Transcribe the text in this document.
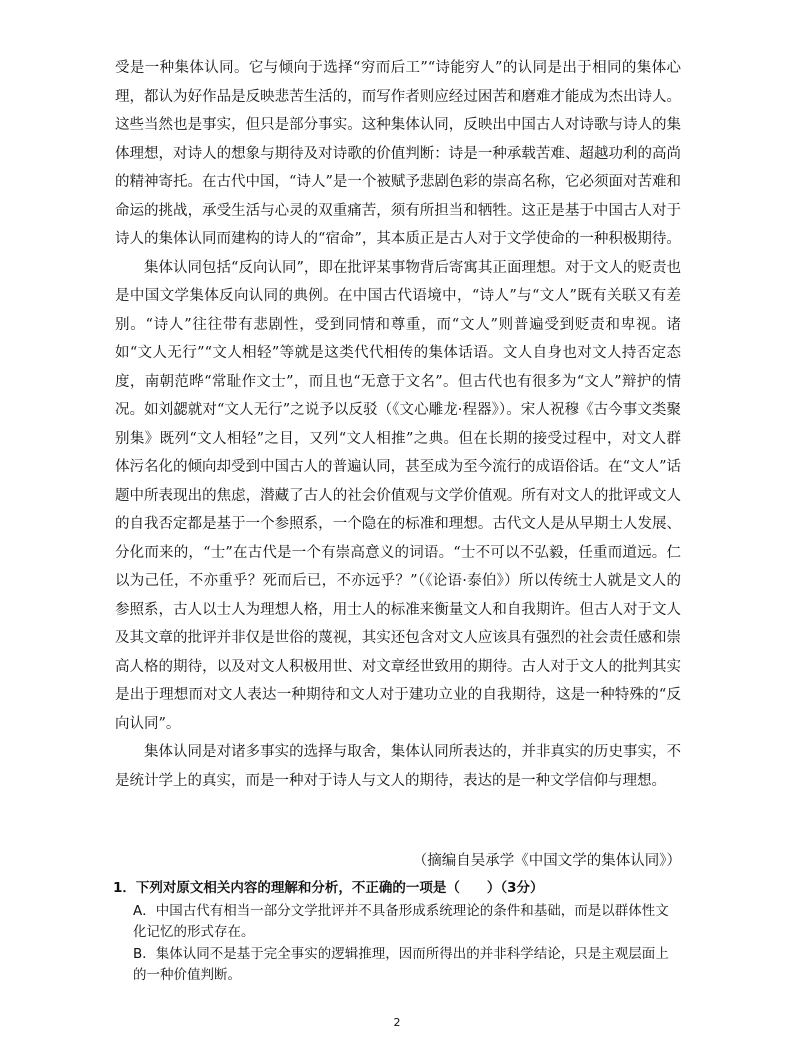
受是一种集体认同。它与倾向于选择“穷而后工”“诗能穷人”的认同是出于相同的集体心理，都认为好作品是反映悲苦生活的，而写作者则应经过困苦和磨难才能成为杰出诗人。这些当然也是事实，但只是部分事实。这种集体认同，反映出中国古人对诗歌与诗人的集体理想，对诗人的想象与期待及对诗歌的价值判断：诗是一种承载苦难、超越功利的高尚的精神寄托。在古代中国，“诗人”是一个被赋予悲剧色彩的崇高名称，它必须面对苦难和命运的挑战，承受生活与心灵的双重痛苦，须有所担当和牺牲。这正是基于中国古人对于诗人的集体认同而建构的诗人的“宿命”，其本质正是古人对于文学使命的一种积极期待。

集体认同包括“反向认同”，即在批评某事物背后寄寓其正面理想。对于文人的贬责也是中国文学集体反向认同的典例。在中国古代语境中，“诗人”与“文人”既有关联又有差别。“诗人”往往带有悲剧性，受到同情和尊重，而“文人”则普遍受到贬责和卑视。诸如“文人无行”“文人相轻”等就是这类代代相传的集体话语。文人自身也对文人持否定态度，南朝范晔“常耻作文士”，而且也“无意于文名”。但古代也有很多为“文人”辩护的情况。如刘勰就对“文人无行”之说予以反驳（《文心雕龙·程器》）。宋人祝穆《古今事文类聚别集》既列“文人相轻”之目，又列“文人相推”之典。但在长期的接受过程中，对文人群体污名化的倾向却受到中国古人的普遍认同，甚至成为至今流行的成语俗话。在“文人”话题中所表现出的焦虑，潜藏了古人的社会价值观与文学价值观。所有对文人的批评或文人的自我否定都是基于一个参照系，一个隐在的标准和理想。古代文人是从早期士人发展、分化而来的，“士”在古代是一个有崇高意义的词语。“士不可以不弘毅，任重而道远。仁以为己任，不亦重乎？死而后已，不亦远乎？”（《论语·泰伯》）所以传统士人就是文人的参照系，古人以士人为理想人格，用士人的标准来衡量文人和自我期许。但古人对于文人及其文章的批评并非仅是世俗的蔑视，其实还包含对文人应该具有强烈的社会责任感和崇高人格的期待，以及对文人积极用世、对文章经世致用的期待。古人对于文人的批判其实是出于理想而对文人表达一种期待和文人对于建功立业的自我期待，这是一种特殊的“反向认同”。

集体认同是对诸多事实的选择与取舍，集体认同所表达的，并非真实的历史事实，不是统计学上的真实，而是一种对于诗人与文人的期待，表达的是一种文学信仰与理想。

（摘编自吴承学《中国文学的集体认同》）

1．下列对原文相关内容的理解和分析，不正确的一项是（　　）（3分）

A．中国古代有相当一部分文学批评并不具备形成系统理论的条件和基础，而是以群体性文化记忆的形式存在。

B．集体认同不是基于完全事实的逻辑推理，因而所得出的并非科学结论，只是主观层面上的一种价值判断。

2
